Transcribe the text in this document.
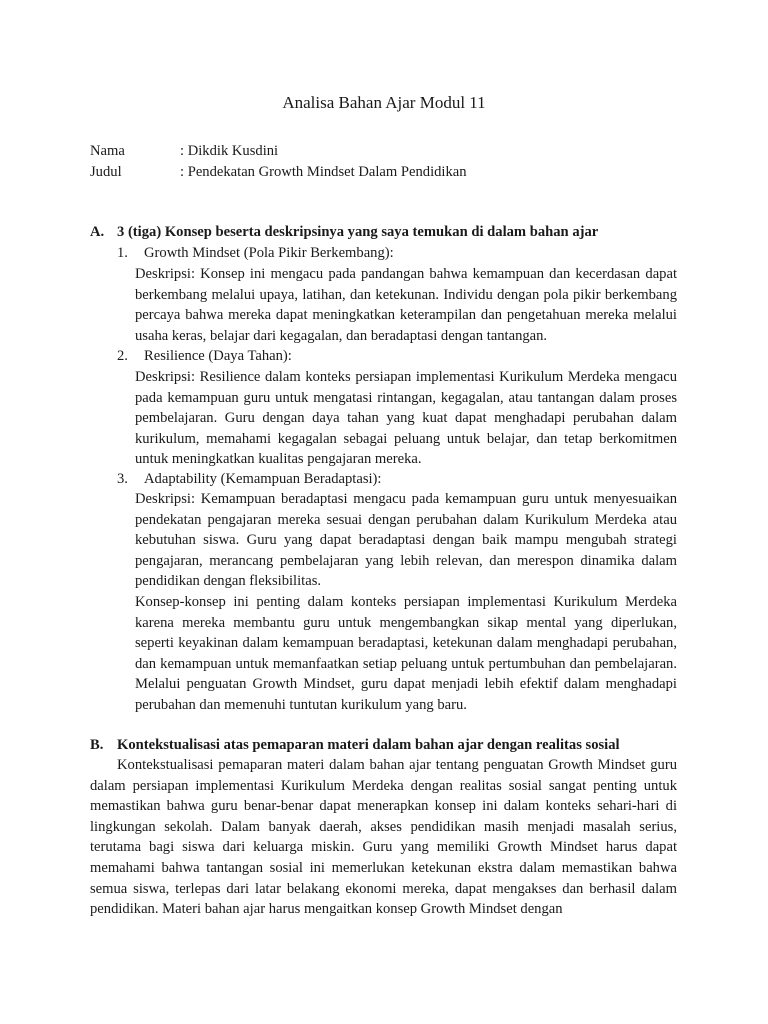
Analisa Bahan Ajar Modul 11
Nama	: Dikdik Kusdini
Judul	: Pendekatan Growth Mindset Dalam Pendidikan
A. 3 (tiga) Konsep beserta deskripsinya yang saya temukan di dalam bahan ajar
1. Growth Mindset (Pola Pikir Berkembang):

Deskripsi: Konsep ini mengacu pada pandangan bahwa kemampuan dan kecerdasan dapat berkembang melalui upaya, latihan, dan ketekunan. Individu dengan pola pikir berkembang percaya bahwa mereka dapat meningkatkan keterampilan dan pengetahuan mereka melalui usaha keras, belajar dari kegagalan, dan beradaptasi dengan tantangan.

2. Resilience (Daya Tahan):

Deskripsi: Resilience dalam konteks persiapan implementasi Kurikulum Merdeka mengacu pada kemampuan guru untuk mengatasi rintangan, kegagalan, atau tantangan dalam proses pembelajaran. Guru dengan daya tahan yang kuat dapat menghadapi perubahan dalam kurikulum, memahami kegagalan sebagai peluang untuk belajar, dan tetap berkomitmen untuk meningkatkan kualitas pengajaran mereka.

3. Adaptability (Kemampuan Beradaptasi):

Deskripsi: Kemampuan beradaptasi mengacu pada kemampuan guru untuk menyesuaikan pendekatan pengajaran mereka sesuai dengan perubahan dalam Kurikulum Merdeka atau kebutuhan siswa. Guru yang dapat beradaptasi dengan baik mampu mengubah strategi pengajaran, merancang pembelajaran yang lebih relevan, dan merespon dinamika dalam pendidikan dengan fleksibilitas.

Konsep-konsep ini penting dalam konteks persiapan implementasi Kurikulum Merdeka karena mereka membantu guru untuk mengembangkan sikap mental yang diperlukan, seperti keyakinan dalam kemampuan beradaptasi, ketekunan dalam menghadapi perubahan, dan kemampuan untuk memanfaatkan setiap peluang untuk pertumbuhan dan pembelajaran. Melalui penguatan Growth Mindset, guru dapat menjadi lebih efektif dalam menghadapi perubahan dan memenuhi tuntutan kurikulum yang baru.

B. Kontekstualisasi atas pemaparan materi dalam bahan ajar dengan realitas sosial

Kontekstualisasi pemaparan materi dalam bahan ajar tentang penguatan Growth Mindset guru dalam persiapan implementasi Kurikulum Merdeka dengan realitas sosial sangat penting untuk memastikan bahwa guru benar-benar dapat menerapkan konsep ini dalam konteks sehari-hari di lingkungan sekolah. Dalam banyak daerah, akses pendidikan masih menjadi masalah serius, terutama bagi siswa dari keluarga miskin. Guru yang memiliki Growth Mindset harus dapat memahami bahwa tantangan sosial ini memerlukan ketekunan ekstra dalam memastikan bahwa semua siswa, terlepas dari latar belakang ekonomi mereka, dapat mengakses dan berhasil dalam pendidikan. Materi bahan ajar harus mengaitkan konsep Growth Mindset dengan
